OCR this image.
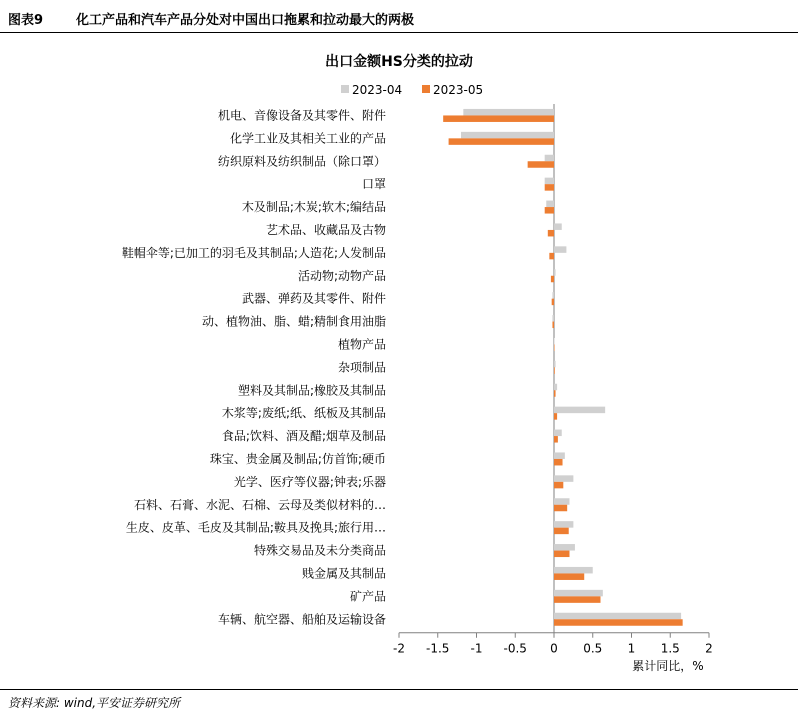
图表9	化工产品和汽车产品分处对中国出口拖累和拉动最大的两极
出口金额HS分类的拉动
2023-04	2023-05
-2 -1.5 -1 -0.5 0 0.5 1 1.5 2
机电、音像设备及其零件、附件
化学工业及其相关工业的产品
纺织原料及纺织制品（除口罩）
口罩
木及制品;木炭;软木;编结品
艺术品、收藏品及古物
鞋帽伞等;已加工的羽毛及其制品;人造花;人发制品
活动物;动物产品
武器、弹药及其零件、附件
动、植物油、脂、蜡;精制食用油脂
植物产品
杂项制品
塑料及其制品;橡胶及其制品
木浆等;废纸;纸、纸板及其制品
食品;饮料、酒及醋;烟草及制品
珠宝、贵金属及制品;仿首饰;硬币
光学、医疗等仪器;钟表;乐器
石料、石膏、水泥、石棉、云母及类似材料的…
生皮、皮革、毛皮及其制品;鞍具及挽具;旅行用…
特殊交易品及未分类商品
贱金属及其制品
矿产品
车辆、航空器、船舶及运输设备
累计同比，%
资料来源: wind,平安证券研究所
